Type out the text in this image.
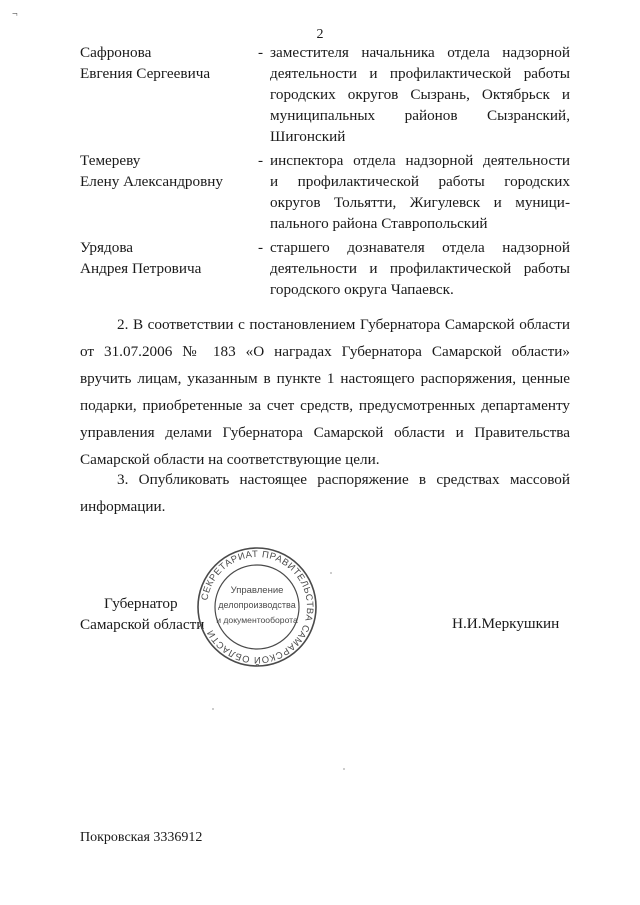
¬
2
Сафронова
Евгения Сергеевича
- заместителя начальника отдела надзорной
деятельности и профилактической работы
городских округов Сызрань, Октябрьск и
муниципальных районов Сызранский,
Шигонский
Темереву
Елену Александровну
- инспектора отдела надзорной деятельности
и профилактической работы городских
округов Тольятти, Жигулевск и муници-
пального района Ставропольский
Урядова
Андрея Петровича
- старшего дознавателя отдела надзорной
деятельности и профилактической работы
городского округа Чапаевск.
2. В соответствии с постановлением Губернатора Самарской области
от 31.07.2006 № 183 «О наградах Губернатора Самарской области»
вручить лицам, указанным в пункте 1 настоящего распоряжения, ценные
подарки, приобретенные за счет средств, предусмотренных департаменту
управления делами Губернатора Самарской области и Правительства
Самарской области на соответствующие цели.
3. Опубликовать настоящее распоряжение в средствах массовой
информации.
Губернатор
Самарской области	Н.И.Меркушкин
СЕКРЕТАРИАТ ПРАВИТЕЛЬСТВА САМАРСКОЙ ОБЛАСТИ
Управление
делопроизводства
и документооборота
Покровская 3336912
